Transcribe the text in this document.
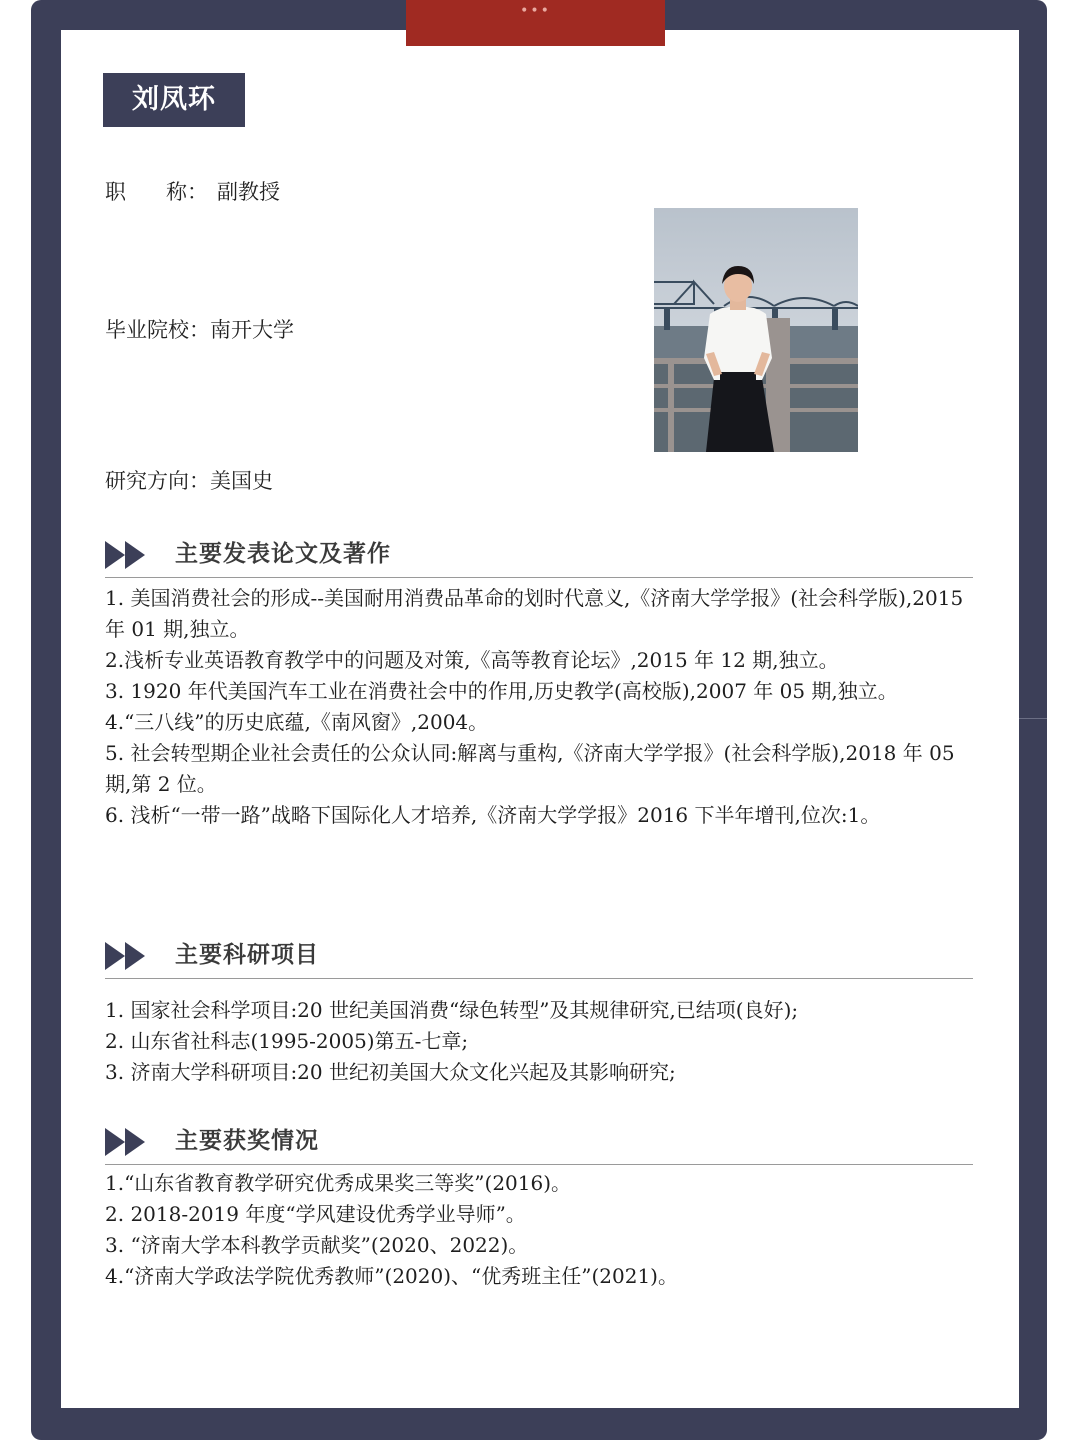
•••
刘凤环
职      称： 副教授
毕业院校：南开大学
研究方向：美国史
主要发表论文及著作
1. 美国消费社会的形成--美国耐用消费品革命的划时代意义,《济南大学学报》(社会科学版),2015 年 01 期,独立。
2.浅析专业英语教育教学中的问题及对策,《高等教育论坛》,2015 年 12 期,独立。
3. 1920 年代美国汽车工业在消费社会中的作用,历史教学(高校版),2007 年 05 期,独立。
4.“三八线”的历史底蕴,《南风窗》,2004。
5. 社会转型期企业社会责任的公众认同:解离与重构,《济南大学学报》(社会科学版),2018 年 05 期,第 2 位。
6. 浅析“一带一路”战略下国际化人才培养,《济南大学学报》2016 下半年增刊,位次:1。
主要科研项目
1. 国家社会科学项目:20 世纪美国消费“绿色转型”及其规律研究,已结项(良好);
2. 山东省社科志(1995-2005)第五-七章;
3. 济南大学科研项目:20 世纪初美国大众文化兴起及其影响研究;
主要获奖情况
1.“山东省教育教学研究优秀成果奖三等奖”(2016)。
2. 2018-2019 年度“学风建设优秀学业导师”。
3. “济南大学本科教学贡献奖”(2020、2022)。
4.“济南大学政法学院优秀教师”(2020)、“优秀班主任”(2021)。
